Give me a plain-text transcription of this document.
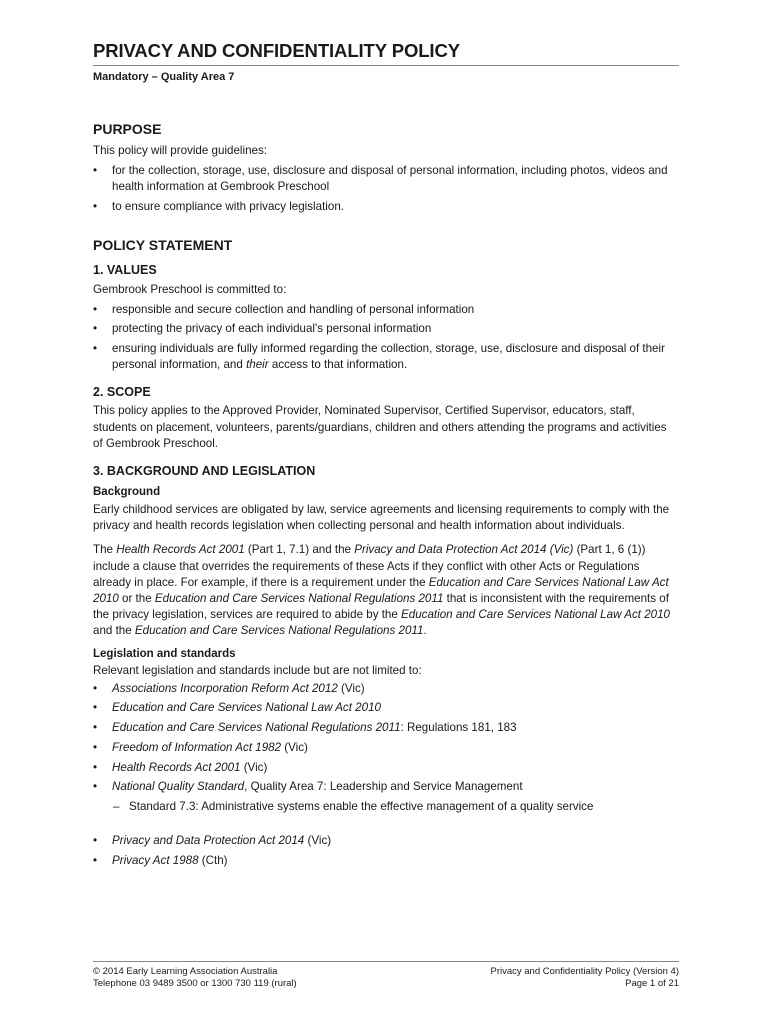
PRIVACY AND CONFIDENTIALITY POLICY
Mandatory – Quality Area 7
PURPOSE

This policy will provide guidelines:

• for the collection, storage, use, disclosure and disposal of personal information, including photos, videos and health information at Gembrook Preschool
• to ensure compliance with privacy legislation.
POLICY STATEMENT
1. VALUES

Gembrook Preschool is committed to:

• responsible and secure collection and handling of personal information
• protecting the privacy of each individual's personal information
• ensuring individuals are fully informed regarding the collection, storage, use, disclosure and disposal of their personal information, and their access to that information.
2. SCOPE

This policy applies to the Approved Provider, Nominated Supervisor, Certified Supervisor, educators, staff, students on placement, volunteers, parents/guardians, children and others attending the programs and activities of Gembrook Preschool.

3. BACKGROUND AND LEGISLATION
Background

Early childhood services are obligated by law, service agreements and licensing requirements to comply with the privacy and health records legislation when collecting personal and health information about individuals.

The Health Records Act 2001 (Part 1, 7.1) and the Privacy and Data Protection Act 2014 (Vic) (Part 1, 6 (1)) include a clause that overrides the requirements of these Acts if they conflict with other Acts or Regulations already in place. For example, if there is a requirement under the Education and Care Services National Law Act 2010 or the Education and Care Services National Regulations 2011 that is inconsistent with the requirements of the privacy legislation, services are required to abide by the Education and Care Services National Law Act 2010 and the Education and Care Services National Regulations 2011.

Legislation and standards

Relevant legislation and standards include but are not limited to:

• Associations Incorporation Reform Act 2012 (Vic)
• Education and Care Services National Law Act 2010
• Education and Care Services National Regulations 2011: Regulations 181, 183
• Freedom of Information Act 1982 (Vic)
• Health Records Act 2001 (Vic)
• National Quality Standard, Quality Area 7: Leadership and Service Management
– Standard 7.3: Administrative systems enable the effective management of a quality service
• Privacy and Data Protection Act 2014 (Vic)
• Privacy Act 1988 (Cth)
© 2014 Early Learning Association Australia
Telephone 03 9489 3500 or 1300 730 119 (rural)
Privacy and Confidentiality Policy (Version 4)
Page 1 of 21
